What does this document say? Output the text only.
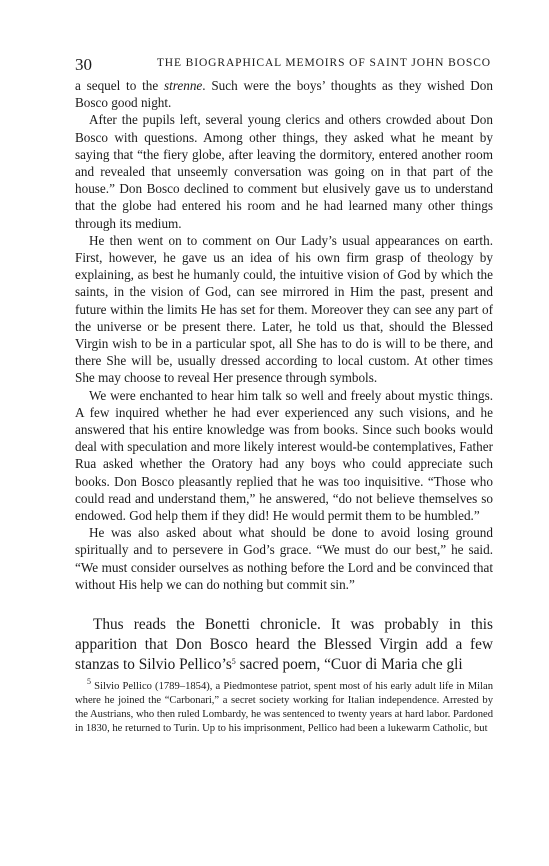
30	THE BIOGRAPHICAL MEMOIRS OF SAINT JOHN BOSCO

a sequel to the strenne. Such were the boys’ thoughts as they wished Don Bosco good night.

After the pupils left, several young clerics and others crowded about Don Bosco with questions. Among other things, they asked what he meant by saying that “the fiery globe, after leaving the dormitory, entered another room and revealed that unseemly conversation was going on in that part of the house.” Don Bosco declined to comment but elusively gave us to understand that the globe had entered his room and he had learned many other things through its medium.

He then went on to comment on Our Lady’s usual appearances on earth. First, however, he gave us an idea of his own firm grasp of theology by explaining, as best he humanly could, the intuitive vision of God by which the saints, in the vision of God, can see mirrored in Him the past, present and future within the limits He has set for them. Moreover they can see any part of the universe or be present there. Later, he told us that, should the Blessed Virgin wish to be in a particular spot, all She has to do is will to be there, and there She will be, usually dressed according to local custom. At other times She may choose to reveal Her presence through symbols.

We were enchanted to hear him talk so well and freely about mystic things. A few inquired whether he had ever experienced any such visions, and he answered that his entire knowledge was from books. Since such books would deal with speculation and more likely interest would-be contemplatives, Father Rua asked whether the Oratory had any boys who could appreciate such books. Don Bosco pleasantly replied that he was too inquisitive. “Those who could read and understand them,” he answered, “do not believe themselves so endowed. God help them if they did! He would permit them to be humbled.”

He was also asked about what should be done to avoid losing ground spiritually and to persevere in God’s grace. “We must do our best,” he said. “We must consider ourselves as nothing before the Lord and be convinced that without His help we can do nothing but commit sin.”

Thus reads the Bonetti chronicle. It was probably in this apparition that Don Bosco heard the Blessed Virgin add a few stanzas to Silvio $Pellico’s^5$ sacred poem, “Cuor di Maria che gli

$^5$ Silvio Pellico (1789–1854), a Piedmontese patriot, spent most of his early adult life in Milan where he joined the “Carbonari,” a secret society working for Italian independence. Arrested by the Austrians, who then ruled Lombardy, he was sentenced to twenty years at hard labor. Pardoned in 1830, he returned to Turin. Up to his imprisonment, Pellico had been a lukewarm Catholic, but
